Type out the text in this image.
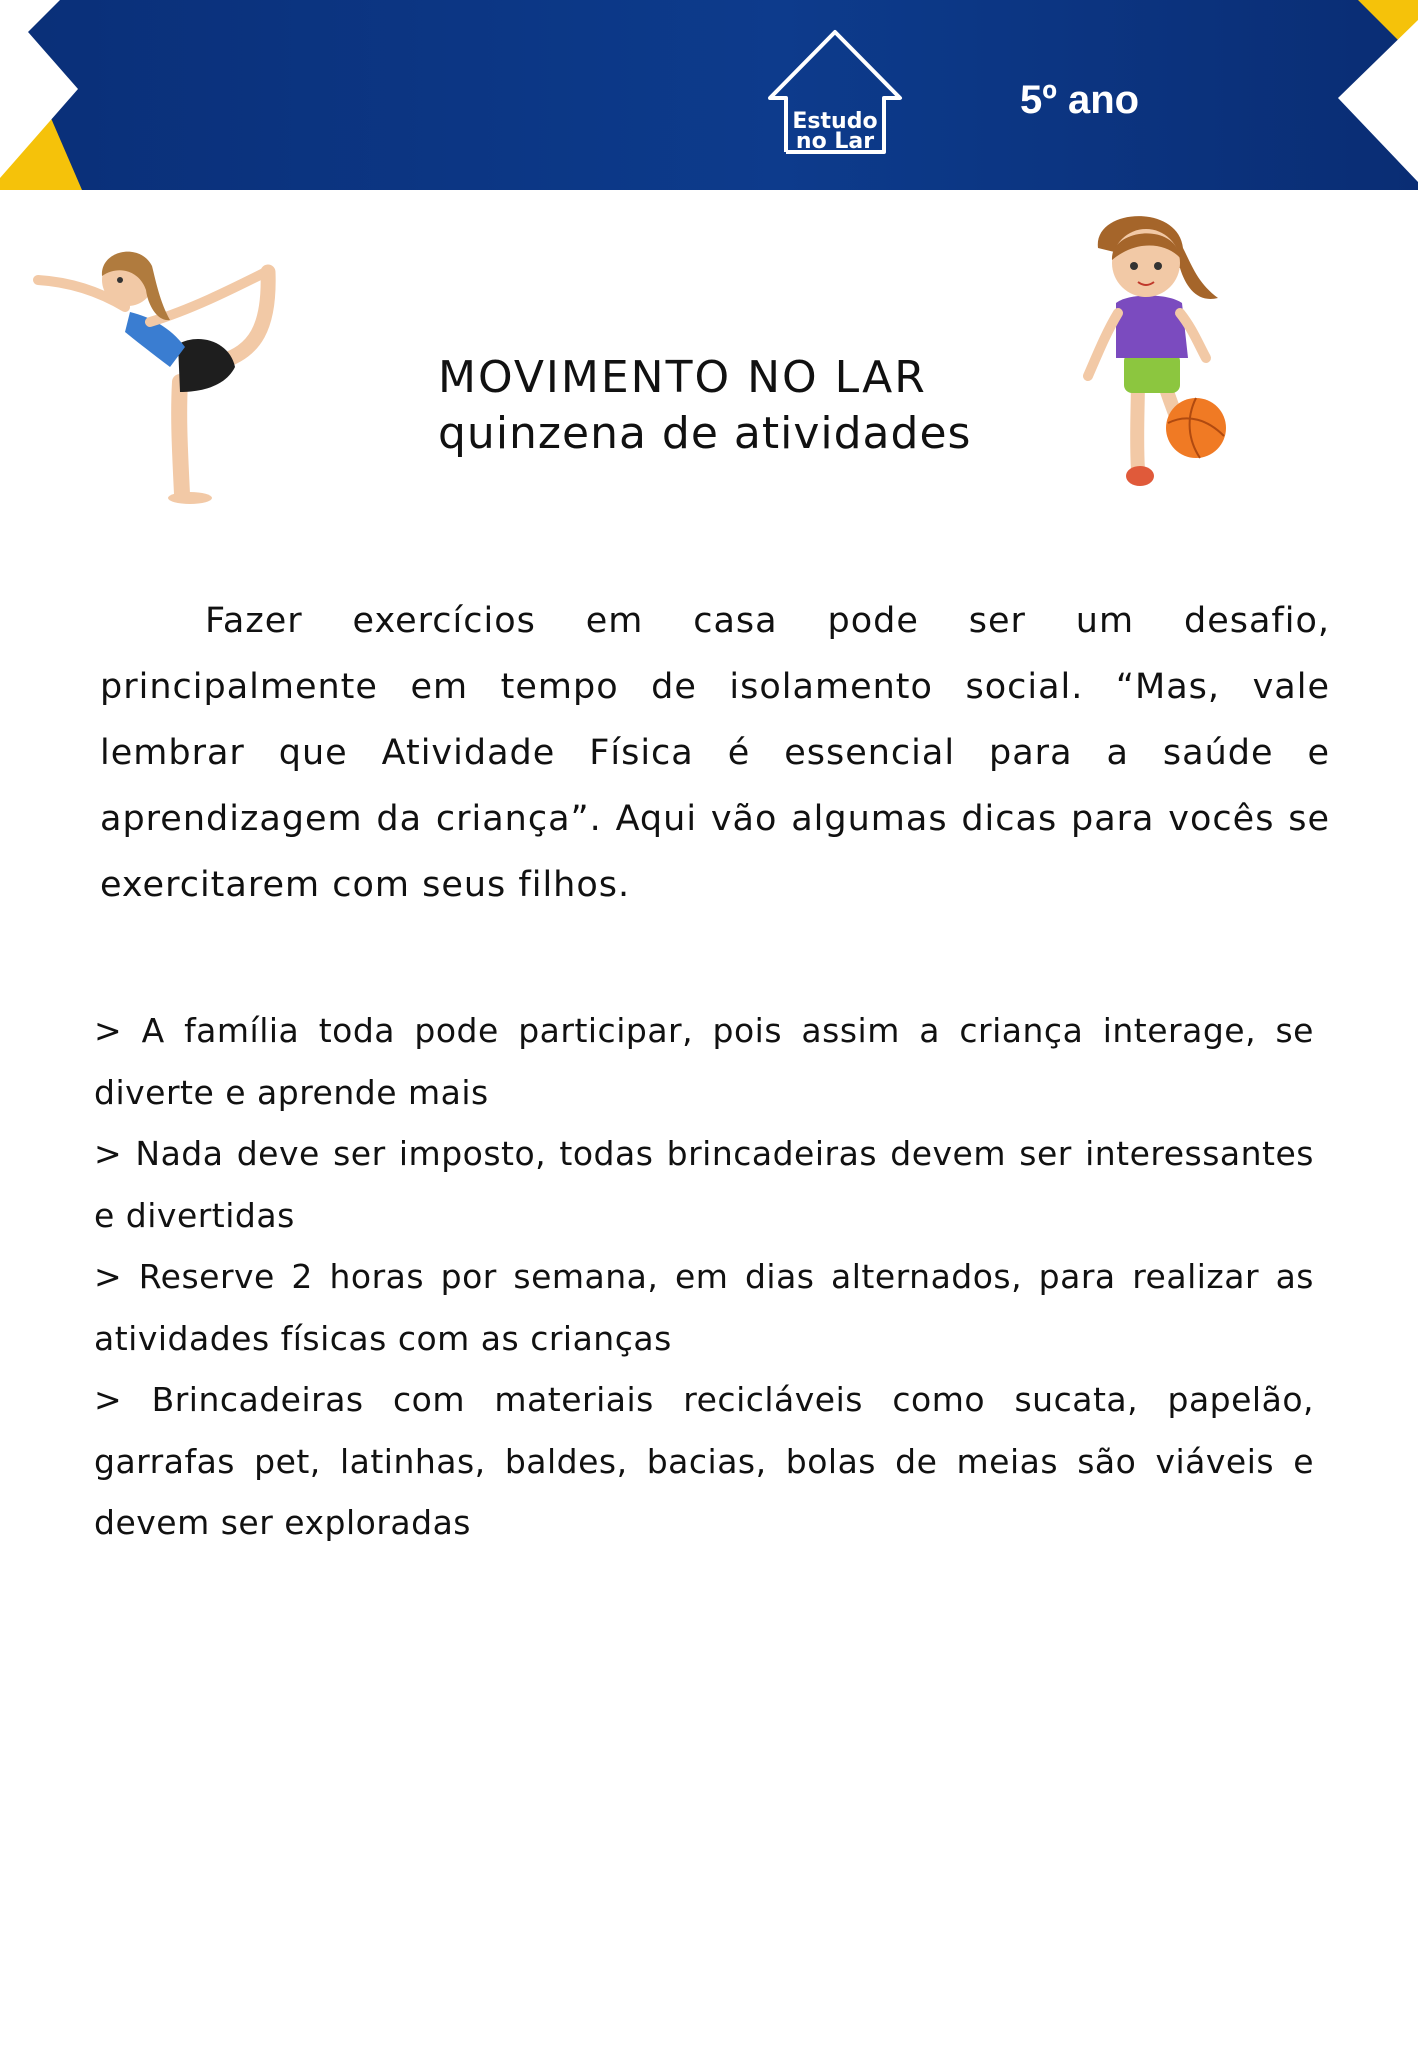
Estudo
no Lar
5º ano
MOVIMENTO NO LAR
quinzena de atividades

Fazer exercícios em casa pode ser um desafio, principalmente em tempo de isolamento social. “Mas, vale lembrar que Atividade Física é essencial para a saúde e aprendizagem da criança”. Aqui vão algumas dicas para vocês se exercitarem com seus filhos.

> A família toda pode participar, pois assim a criança interage, se diverte e aprende mais
> Nada deve ser imposto, todas brincadeiras devem ser interessantes e divertidas
> Reserve 2 horas por semana, em dias alternados, para realizar as atividades físicas com as crianças
> Brincadeiras com materiais recicláveis como sucata, papelão, garrafas pet, latinhas, baldes, bacias, bolas de meias são viáveis e devem ser exploradas
